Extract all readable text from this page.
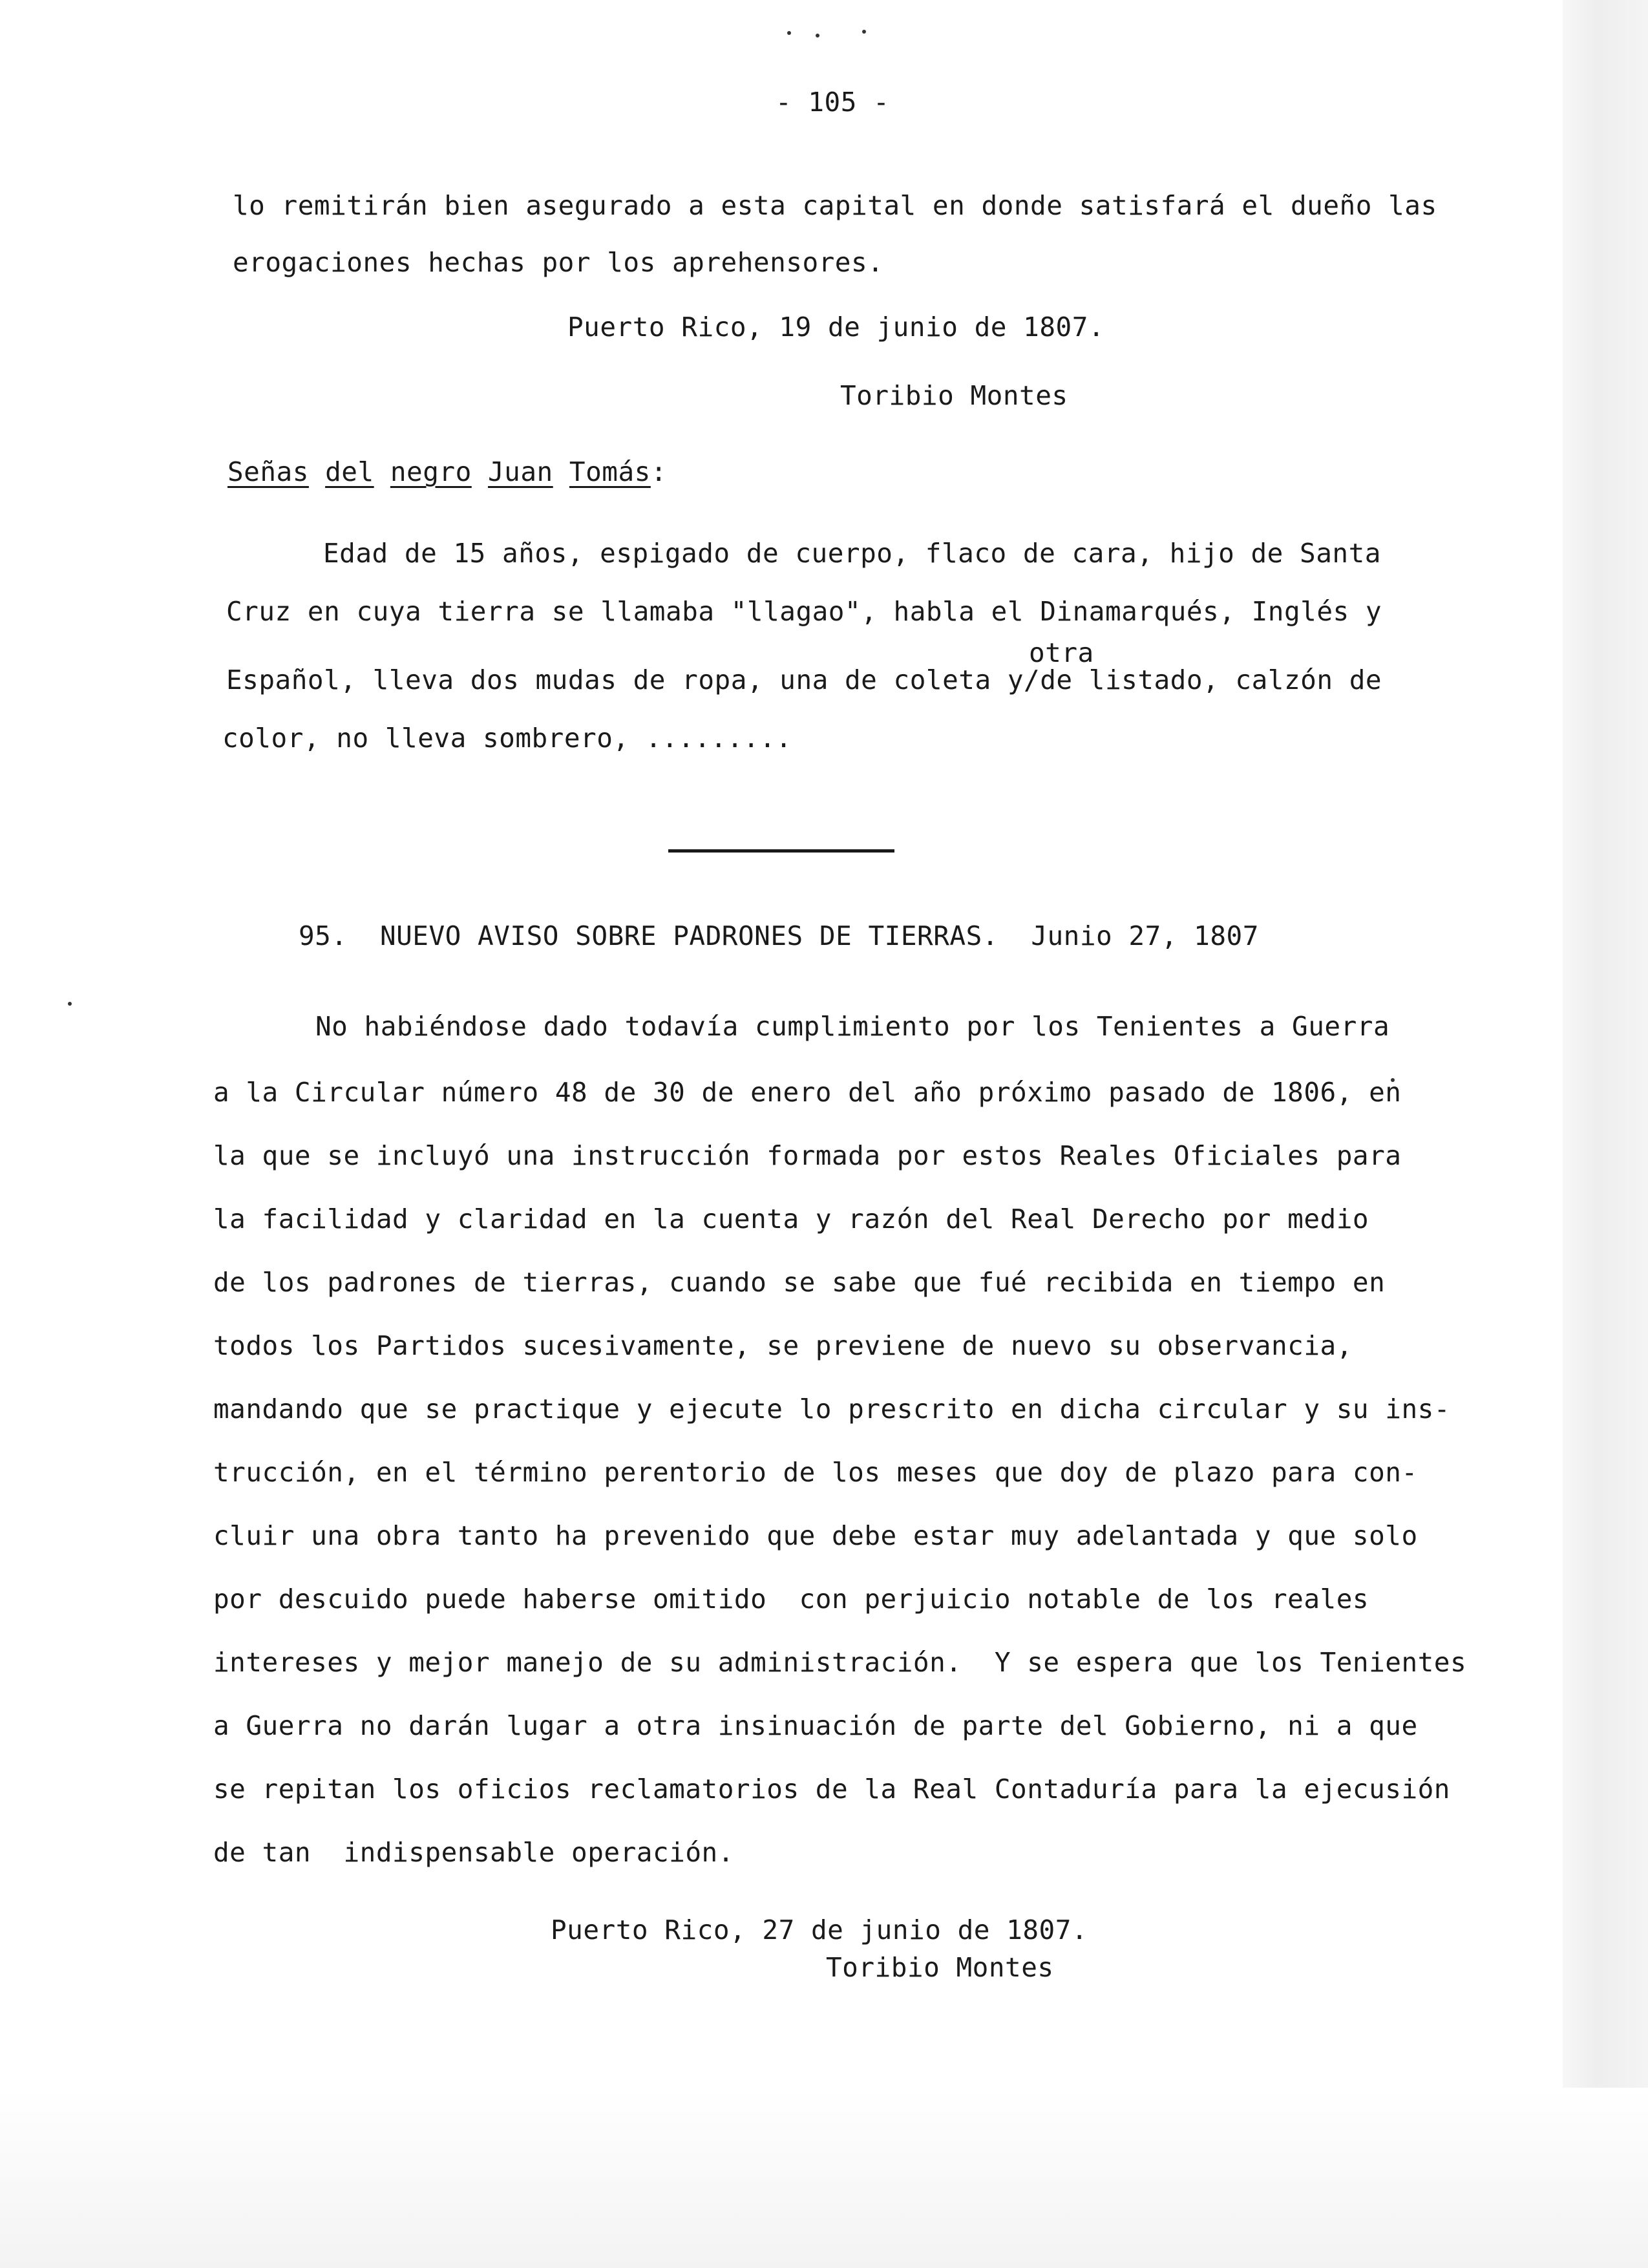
- 105 -
lo remitirán bien asegurado a esta capital en donde satisfará el dueño las
erogaciones hechas por los aprehensores.
Puerto Rico, 19 de junio de 1807.
Toribio Montes
Señas del negro Juan Tomás:
Edad de 15 años, espigado de cuerpo, flaco de cara, hijo de Santa
Cruz en cuya tierra se llamaba "llagao", habla el Dinamarqués, Inglés y
otra
Español, lleva dos mudas de ropa, una de coleta y/de listado, calzón de
color, no lleva sombrero, .........
95. NUEVO AVISO SOBRE PADRONES DE TIERRAS. Junio 27, 1807
No habiéndose dado todavía cumplimiento por los Tenientes a Guerra
a la Circular número 48 de 30 de enero del año próximo pasado de 1806, en
la que se incluyó una instrucción formada por estos Reales Oficiales para
la facilidad y claridad en la cuenta y razón del Real Derecho por medio
de los padrones de tierras, cuando se sabe que fué recibida en tiempo en
todos los Partidos sucesivamente, se previene de nuevo su observancia,
mandando que se practique y ejecute lo prescrito en dicha circular y su ins-
trucción, en el término perentorio de los meses que doy de plazo para con-
cluir una obra tanto ha prevenido que debe estar muy adelantada y que solo
por descuido puede haberse omitido  con perjuicio notable de los reales
intereses y mejor manejo de su administración.  Y se espera que los Tenientes
a Guerra no darán lugar a otra insinuación de parte del Gobierno, ni a que
se repitan los oficios reclamatorios de la Real Contaduría para la ejecusión
de tan  indispensable operación.
Puerto Rico, 27 de junio de 1807.
Toribio Montes
